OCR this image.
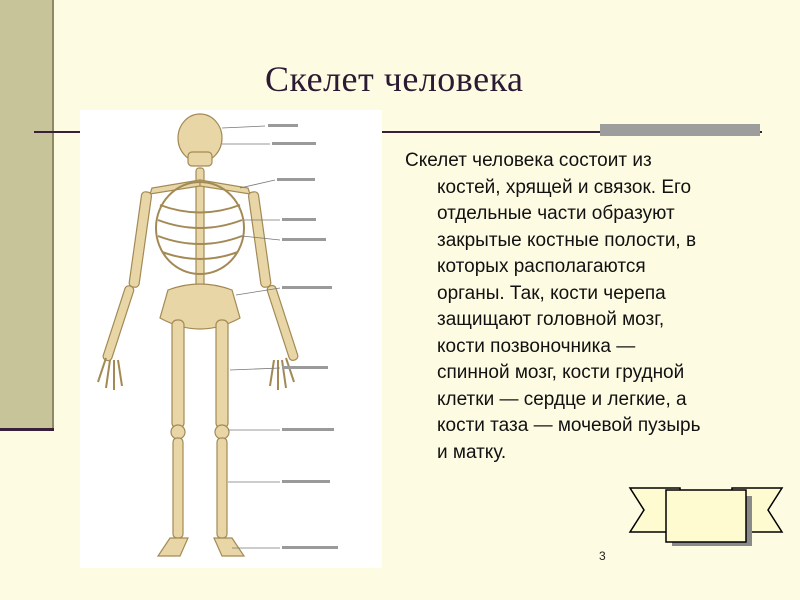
Скелет человека
Скелет человека состоит из
костей, хрящей и связок. Его
отдельные части образуют
закрытые костные полости, в
которых располагаются
органы. Так, кости черепа
защищают головной мозг,
кости позвоночника —
спинной мозг, кости грудной
клетки — сердце и легкие, а
кости таза — мочевой пузырь
и матку.
3
